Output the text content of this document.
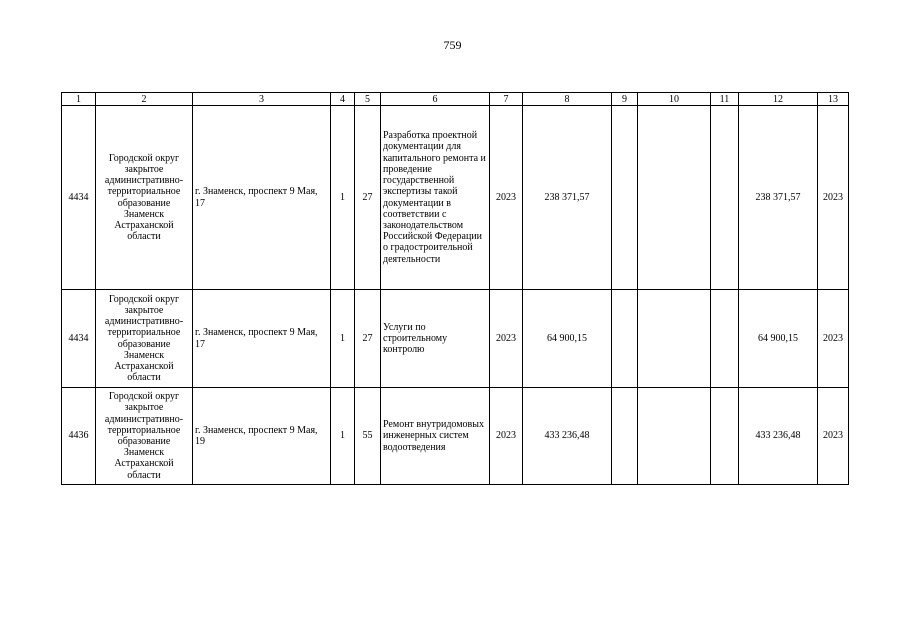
759
1	2	3	4	5	6	7	8	9	10	11	12	13
4434	Городской округ закрытое административно-территориальное образование Знаменск Астраханской области	г. Знаменск, проспект 9 Мая, 17	1	27	Разработка проектной документации для капитального ремонта и проведение государственной экспертизы такой документации в соответствии с законодательством Российской Федерации о градостроительной деятельности	2023	238 371,57				238 371,57	2023
4434	Городской округ закрытое административно-территориальное образование Знаменск Астраханской области	г. Знаменск, проспект 9 Мая, 17	1	27	Услуги по строительному контролю	2023	64 900,15				64 900,15	2023
4436	Городской округ закрытое административно-территориальное образование Знаменск Астраханской области	г. Знаменск, проспект 9 Мая, 19	1	55	Ремонт внутридомовых инженерных систем водоотведения	2023	433 236,48				433 236,48	2023
